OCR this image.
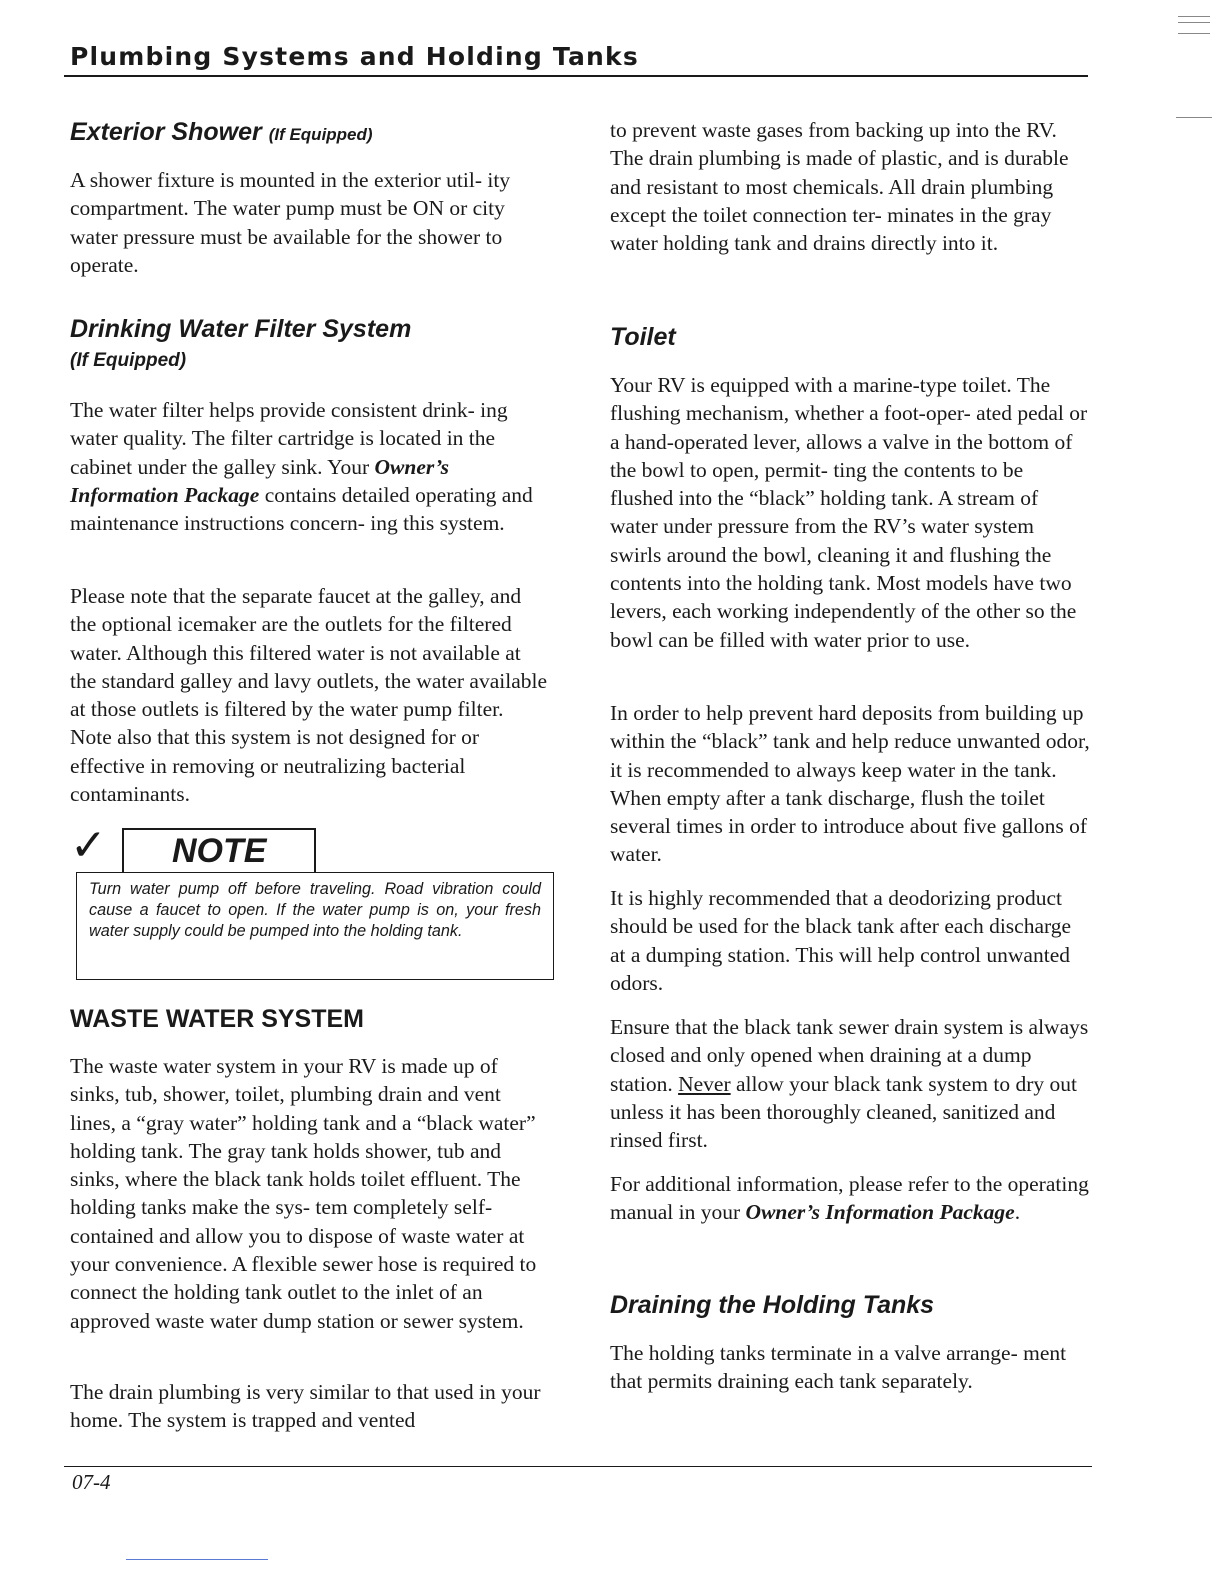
Plumbing Systems and Holding Tanks
Exterior Shower (If Equipped)

A shower fixture is mounted in the exterior util- ity compartment. The water pump must be ON or city water pressure must be available for the shower to operate.

Drinking Water Filter System
(If Equipped)

The water filter helps provide consistent drink- ing water quality. The filter cartridge is located in the cabinet under the galley sink. Your Owner’s Information Package contains detailed operating and maintenance instructions concern- ing this system.

Please note that the separate faucet at the galley, and the optional icemaker are the outlets for the filtered water. Although this filtered water is not available at the standard galley and lavy outlets, the water available at those outlets is filtered by the water pump filter. Note also that this system is not designed for or effective in removing or neutralizing bacterial contaminants.

✓ NOTE

Turn water pump off before traveling. Road vibration could cause a faucet to open. If the water pump is on, your fresh water supply could be pumped into the holding tank.

WASTE WATER SYSTEM

The waste water system in your RV is made up of sinks, tub, shower, toilet, plumbing drain and vent lines, a “gray water” holding tank and a “black water” holding tank. The gray tank holds shower, tub and sinks, where the black tank holds toilet effluent. The holding tanks make the sys- tem completely self-contained and allow you to dispose of waste water at your convenience. A flexible sewer hose is required to connect the holding tank outlet to the inlet of an approved waste water dump station or sewer system.

The drain plumbing is very similar to that used in your home. The system is trapped and vented

to prevent waste gases from backing up into the RV. The drain plumbing is made of plastic, and is durable and resistant to most chemicals. All drain plumbing except the toilet connection ter- minates in the gray water holding tank and drains directly into it.

Toilet

Your RV is equipped with a marine-type toilet. The flushing mechanism, whether a foot-oper- ated pedal or a hand-operated lever, allows a valve in the bottom of the bowl to open, permit- ting the contents to be flushed into the “black” holding tank. A stream of water under pressure from the RV’s water system swirls around the bowl, cleaning it and flushing the contents into the holding tank. Most models have two levers, each working independently of the other so the bowl can be filled with water prior to use.

In order to help prevent hard deposits from building up within the “black” tank and help reduce unwanted odor, it is recommended to always keep water in the tank. When empty after a tank discharge, flush the toilet several times in order to introduce about five gallons of water.

It is highly recommended that a deodorizing product should be used for the black tank after each discharge at a dumping station. This will help control unwanted odors.

Ensure that the black tank sewer drain system is always closed and only opened when draining at a dump station. Never allow your black tank system to dry out unless it has been thoroughly cleaned, sanitized and rinsed first.

For additional information, please refer to the operating manual in your Owner’s Information Package.

Draining the Holding Tanks

The holding tanks terminate in a valve arrange- ment that permits draining each tank separately.

07-4
